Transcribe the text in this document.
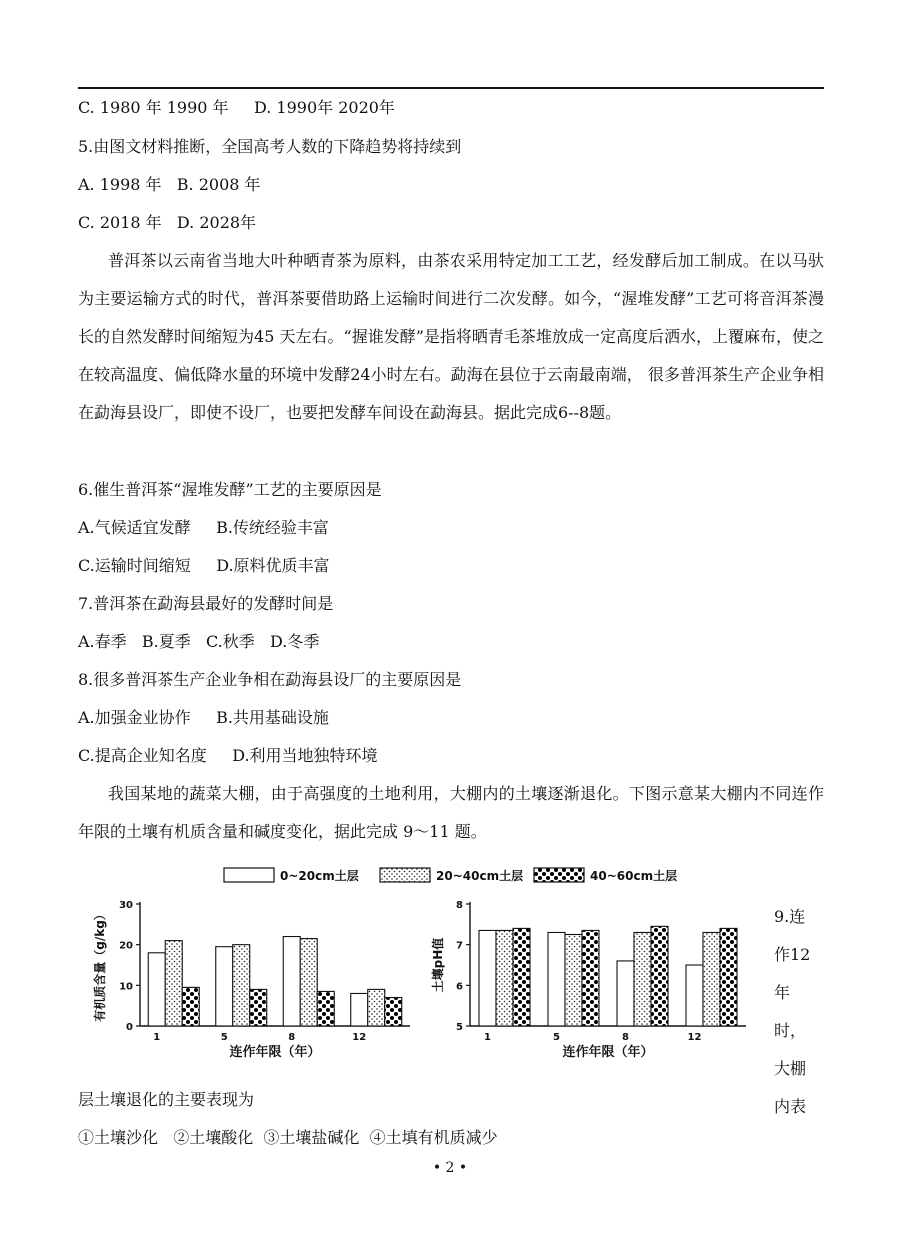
C. 1980 年 1990 年     D. 1990年 2020年
5.由图文材料推断，全国高考人数的下降趋势将持续到
A. 1998 年   B. 2008 年
C. 2018 年   D. 2028年

普洱茶以云南省当地大叶种晒青茶为原料，由茶农采用特定加工工艺，经发酵后加工制成。在以马驮为主要运输方式的时代，普洱茶要借助路上运输时间进行二次发酵。如今，“渥堆发酵”工艺可将音洱茶漫长的自然发酵时间缩短为45 天左右。“握谁发酵”是指将晒青毛茶堆放成一定高度后洒水，上覆麻布，使之在较高温度、偏低降水量的环境中发酵24小时左右。勐海在县位于云南最南端， 很多普洱茶生产企业争相在勐海县设厂，即使不设厂，也要把发酵车间设在勐海县。据此完成6--8题。

6.催生普洱茶“渥堆发酵”工艺的主要原因是
A.气候适宜发酵     B.传统经验丰富
C.运输时间缩短     D.原料优质丰富
7.普洱茶在勐海县最好的发酵时间是
A.春季   B.夏季   C.秋季   D.冬季
8.很多普洱茶生产企业争相在勐海县设厂的主要原因是
A.加强金业协作     B.共用基础设施
C.提高企业知名度     D.利用当地独特环境

我国某地的蔬菜大棚，由于高强度的土地利用，大棚内的土壤逐渐退化。下图示意某大棚内不同连作年限的土壤有机质含量和碱度变化，据此完成 9～11 题。

0~20cm土层	20~40cm土层	40~60cm土层
0
10
20
30
有机质含量（g/kg）
1	5	8	12
连作年限（年）
5
6
7
8
土壤pH值
1	5	8	12
连作年限（年）
9.连
作12
年时，
大棚
内表
层土壤退化的主要表现为
①土壤沙化   ②土壤酸化  ③土壤盐碱化  ④土填有机质减少
• 2 •
